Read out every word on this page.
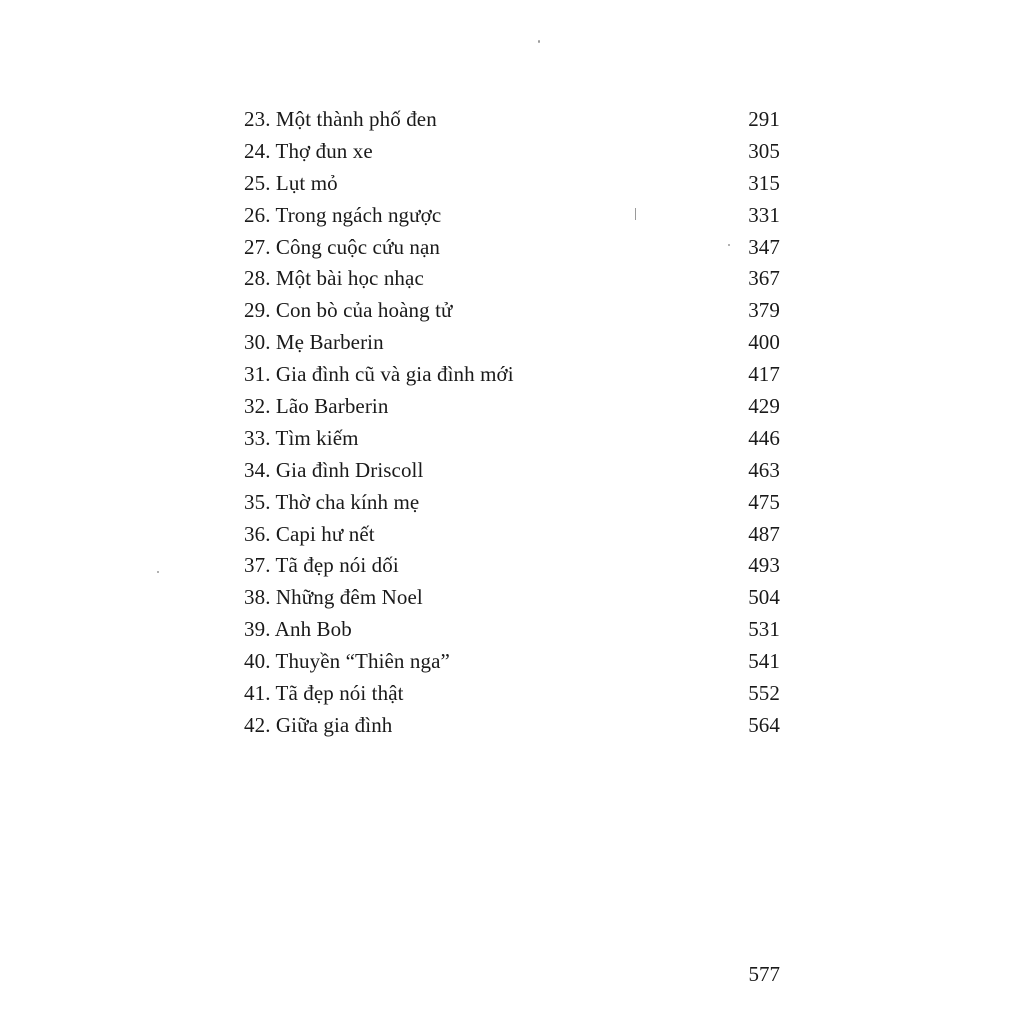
23. Một thành phố đen	291
24. Thợ đun xe	305
25. Lụt mỏ	315
26. Trong ngách ngược	331
27. Công cuộc cứu nạn	347
28. Một bài học nhạc	367
29. Con bò của hoàng tử	379
30. Mẹ Barberin	400
31. Gia đình cũ và gia đình mới	417
32. Lão Barberin	429
33. Tìm kiếm	446
34. Gia đình Driscoll	463
35. Thờ cha kính mẹ	475
36. Capi hư nết	487
37. Tã đẹp nói dối	493
38. Những đêm Noel	504
39. Anh Bob	531
40. Thuyền “Thiên nga”	541
41. Tã đẹp nói thật	552
42. Giữa gia đình	564
577
